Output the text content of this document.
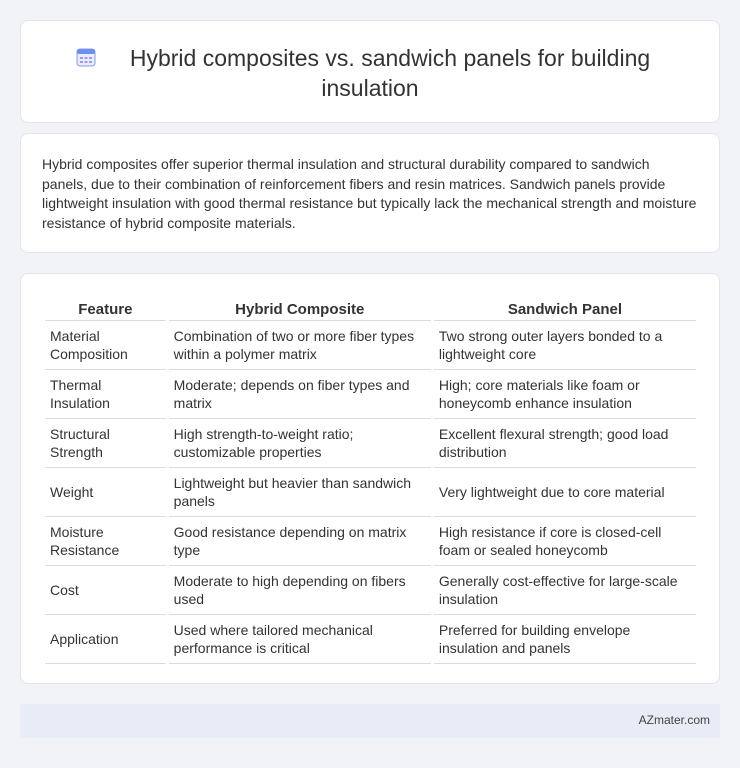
Hybrid composites vs. sandwich panels for building
insulation

Hybrid composites offer superior thermal insulation and structural durability compared to sandwich panels, due to their combination of reinforcement fibers and resin matrices. Sandwich panels provide lightweight insulation with good thermal resistance but typically lack the mechanical strength and moisture resistance of hybrid composite materials.

Feature	Hybrid Composite	Sandwich Panel
Material Composition	Combination of two or more fiber types within a polymer matrix	Two strong outer layers bonded to a lightweight core
Thermal Insulation	Moderate; depends on fiber types and matrix	High; core materials like foam or honeycomb enhance insulation
Structural Strength	High strength-to-weight ratio; customizable properties	Excellent flexural strength; good load distribution
Weight	Lightweight but heavier than sandwich panels	Very lightweight due to core material
Moisture Resistance	Good resistance depending on matrix type	High resistance if core is closed-cell foam or sealed honeycomb
Cost	Moderate to high depending on fibers used	Generally cost-effective for large-scale insulation
Application	Used where tailored mechanical performance is critical	Preferred for building envelope insulation and panels
AZmater.com
